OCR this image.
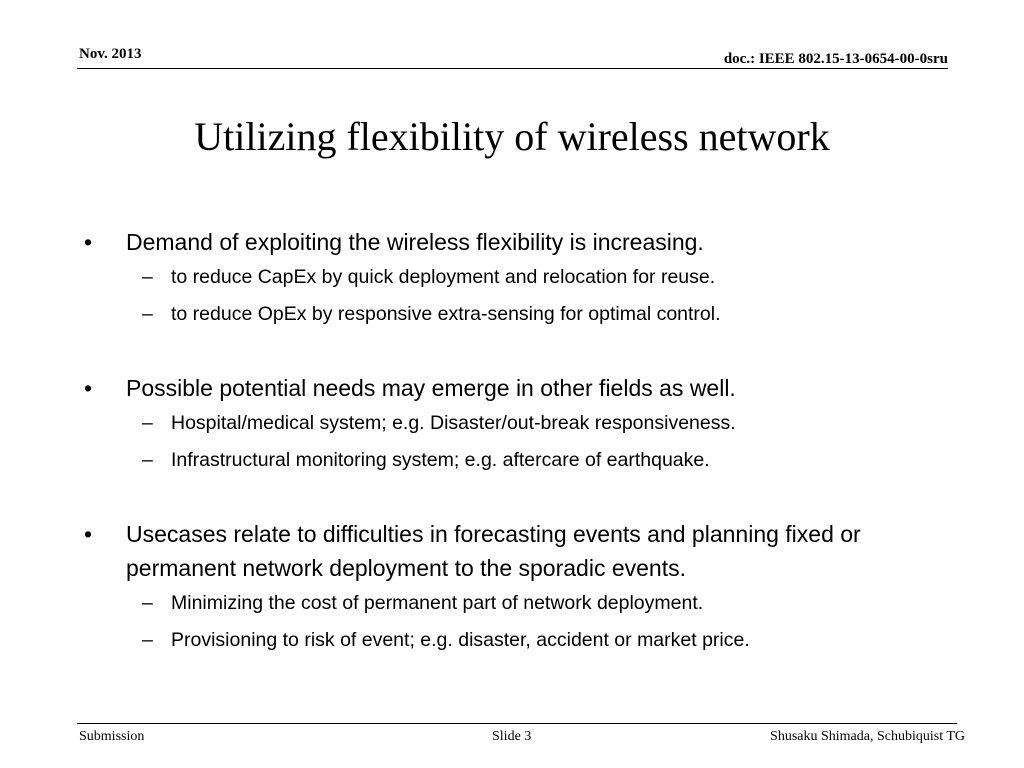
Nov. 2013	doc.: IEEE 802.15-13-0654-00-0sru
Utilizing flexibility of wireless network
•	Demand of exploiting the wireless flexibility is increasing.
– to reduce CapEx by quick deployment and relocation for reuse.
– to reduce OpEx by responsive extra-sensing for optimal control.
•	Possible potential needs may emerge in other fields as well.
– Hospital/medical system; e.g. Disaster/out-break responsiveness.
– Infrastructural monitoring system; e.g. aftercare of earthquake.
•	Usecases relate to difficulties in forecasting events and planning fixed or permanent network deployment to the sporadic events.
– Minimizing the cost of permanent part of network deployment.
– Provisioning to risk of event; e.g. disaster, accident or market price.
Submission	Slide 3	Shusaku Shimada, Schubiquist TG
